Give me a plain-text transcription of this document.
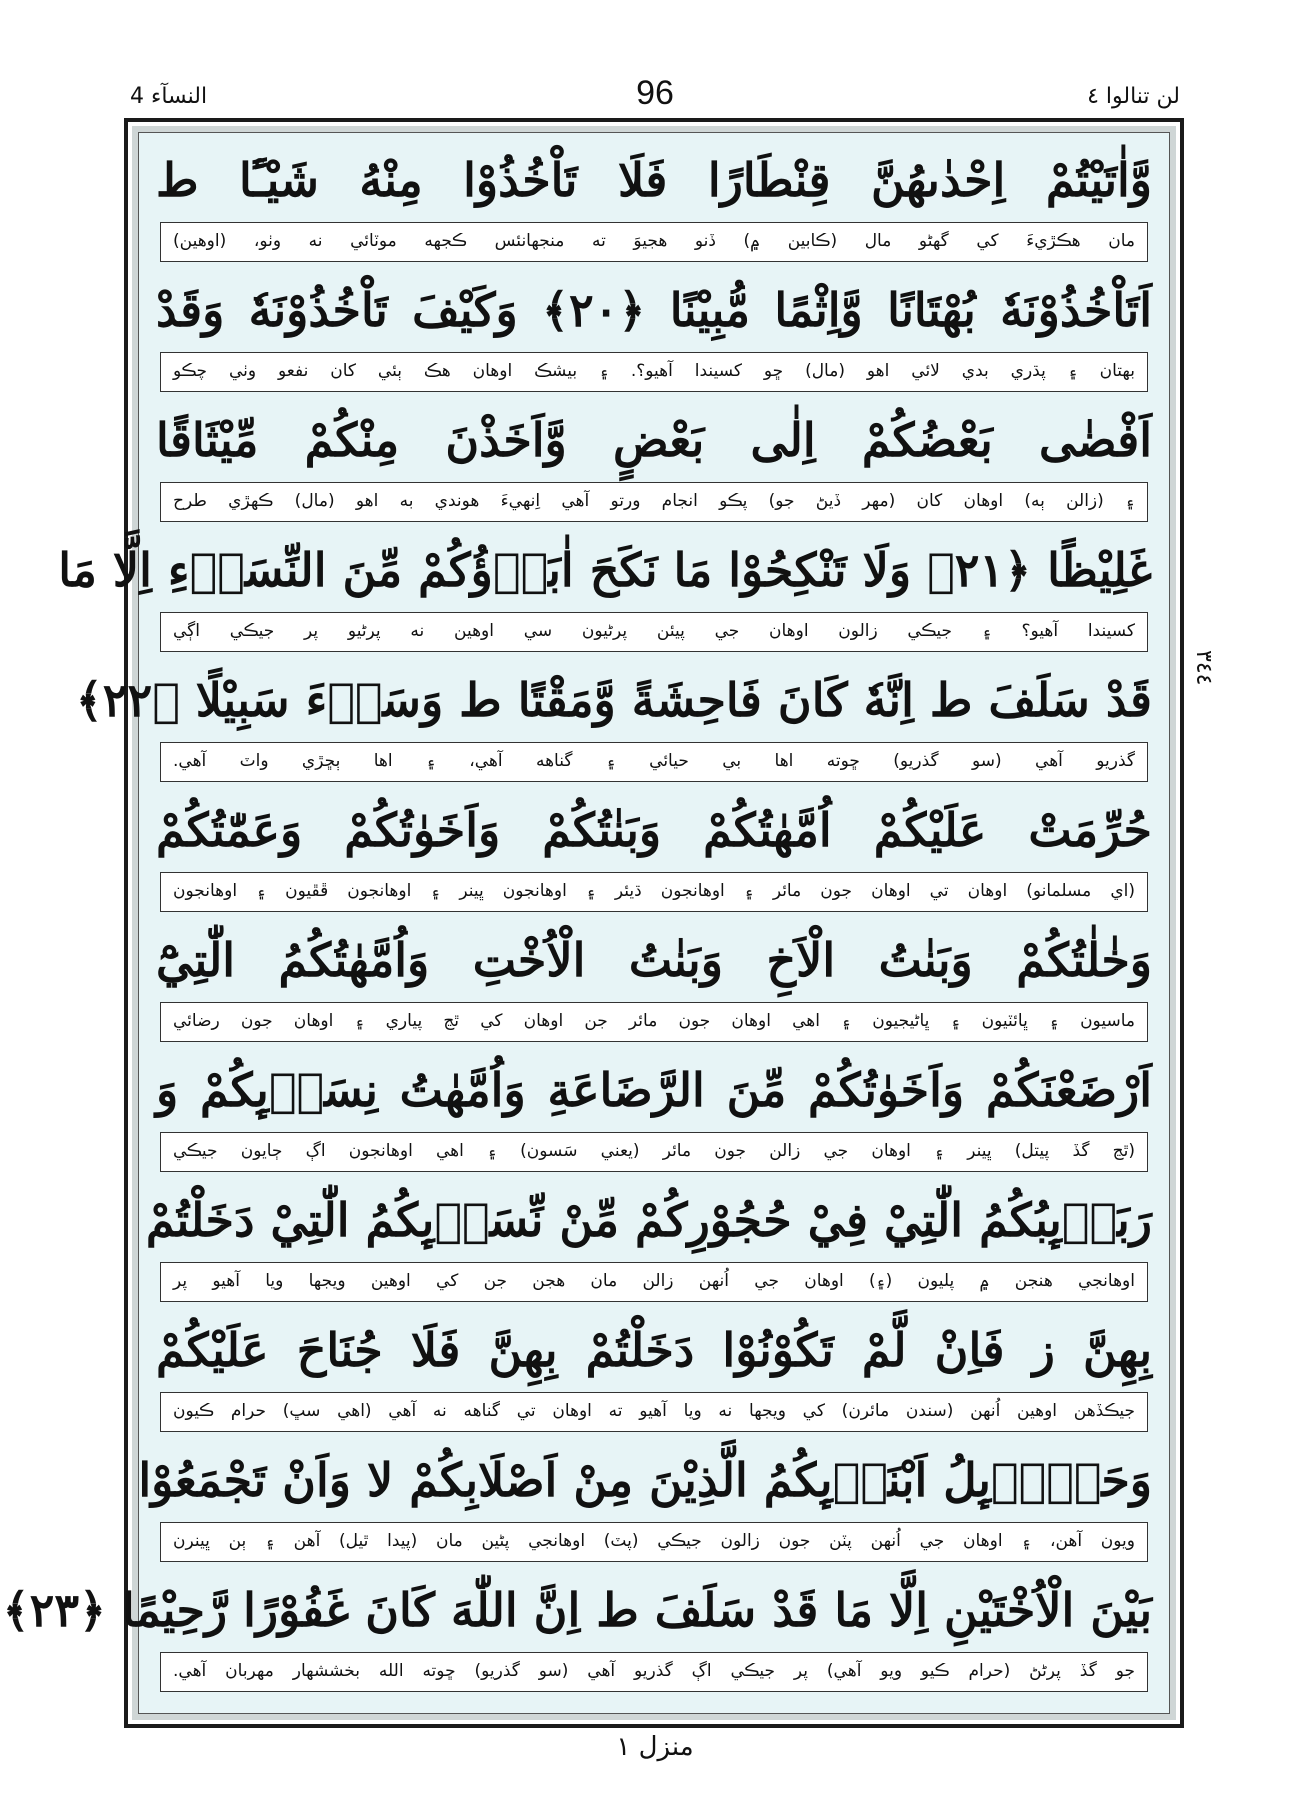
النسآء 4	96	لن تنالوا ٤
وَّاٰتَيْتُمْ اِحْدٰىهُنَّ قِنْطَارًا فَلَا تَاْخُذُوْا مِنْهُ شَيْـًٔا ط
مان هڪڙيءَ کي گهڻو مال (ڪابين ۾) ڏنو هجيوَ ته منجهانئس ڪجهه موٽائي نه وٺو، (اوهين)
اَتَاْخُذُوْنَهٗ بُهْتَانًا وَّاِثْمًا مُّبِيْنًا ﴿٢٠﴾ وَكَيْفَ تَاْخُذُوْنَهٗ وَقَدْ
بهتان ۽ پڌري بدي لائي اهو (مال) ڇو کسيندا آهيو؟. ۽ بيشڪ اوهان هڪ ٻئي کان نفعو وٺي چڪو
اَفْضٰى بَعْضُكُمْ اِلٰى بَعْضٍ وَّاَخَذْنَ مِنْكُمْ مِّيْثَاقًا
۽ (زالن ٻه) اوهان کان (مهر ڏيڻ جو) پڪو انجام ورتو آهي اِنهيءَ هوندي به اهو (مال) ڪهڙي طرح
غَلِيْظًا ﴿٢١﴾ وَلَا تَنْكِحُوْا مَا نَكَحَ اٰبَاۗؤُكُمْ مِّنَ النِّسَاۗءِ اِلَّا مَا
کسيندا آهيو؟ ۽ جيڪي زالون اوهان جي پيئن پرڻيون سي اوهين نه پرڻيو پر جيڪي اڳي
قَدْ سَلَفَ ط اِنَّهٗ كَانَ فَاحِشَةً وَّمَقْتًا ط وَسَاۗءَ سَبِيْلًا ﴿٢٢﴾
گذريو آهي (سو گذريو) ڇوته اها بي حيائي ۽ گناهه آهي، ۽ اها ٻڇڙي واٽ آهي.
حُرِّمَتْ عَلَيْكُمْ اُمَّهٰتُكُمْ وَبَنٰتُكُمْ وَاَخَوٰتُكُمْ وَعَمّٰتُكُمْ
(اي مسلمانو) اوهان تي اوهان جون مائر ۽ اوهانجون ڌيئر ۽ اوهانجون ڀينر ۽ اوهانجون ڦڦيون ۽ اوهانجون
وَخٰلٰتُكُمْ وَبَنٰتُ الْاَخِ وَبَنٰتُ الْاُخْتِ وَاُمَّهٰتُكُمُ الّٰتِيْٓ
ماسيون ۽ ڀائٽيون ۽ ڀاڻيجيون ۽ اهي اوهان جون مائر جن اوهان کي ٿڃ پياري ۽ اوهان جون رضائي
اَرْضَعْنَكُمْ وَاَخَوٰتُكُمْ مِّنَ الرَّضَاعَةِ وَاُمَّهٰتُ نِسَاۗىِٕكُمْ وَ
(ٿڃ گڏ پيتل) ڀينر ۽ اوهان جي زالن جون مائر (يعني سَسون) ۽ اهي اوهانجون اڳ ڄايون جيڪي
رَبَاۗىِٕبُكُمُ الّٰتِيْ فِيْ حُجُوْرِكُمْ مِّنْ نِّسَاۗىِٕكُمُ الّٰتِيْ دَخَلْتُمْ
اوهانجي هنجن ۾ پليون (۽) اوهان جي اُنهن زالن مان هجن جن کي اوهين ويجها ويا آهيو پر
بِهِنَّ ز فَاِنْ لَّمْ تَكُوْنُوْا دَخَلْتُمْ بِهِنَّ فَلَا جُنَاحَ عَلَيْكُمْ
جيڪڏهن اوهين اُنهن (سندن مائرن) کي ويجها نه ويا آهيو ته اوهان تي گناهه نه آهي (اهي سڀ) حرام ڪيون
وَحَلَاۗىِٕلُ اَبْنَاۗىِٕكُمُ الَّذِيْنَ مِنْ اَصْلَابِكُمْ لا وَاَنْ تَجْمَعُوْا
ويون آهن، ۽ اوهان جي اُنهن پٽن جون زالون جيڪي (پٽ) اوهانجي پڻين مان (پيدا ٿيل) آهن ۽ ٻن ڀينرن
بَيْنَ الْاُخْتَيْنِ اِلَّا مَا قَدْ سَلَفَ ط اِنَّ اللّٰهَ كَانَ غَفُوْرًا رَّحِيْمًا ﴿٢٣﴾
جو گڏ پرڻڻ (حرام ڪيو ويو آهي) پر جيڪي اڳ گذريو آهي (سو گذريو) ڇوته الله بخششهار مهربان آهي.
٣٤٤
منزل ١
